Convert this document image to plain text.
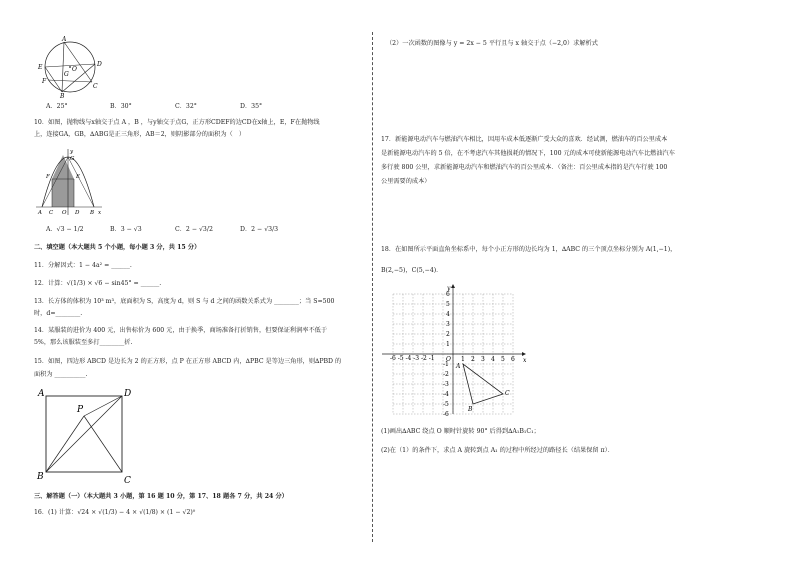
A
E
G
D
O
F
C
B
A．25°	B．30°	C．32°	D．35°
10．如图，抛物线与x轴交于点 A ，B ，与y轴交于点G，正方形CDEF的边CD在x轴上，E，F在抛物线
上，连接GA，GB，∆ABG是正三角形，AB＝2，则阴影部分的面积为（　）
y
G
F	E
A C O D B x
A．√3 − 1/2	B．3 − √3	C．2 − √3/2	D．2 − √3/3
二、填空题（本大题共 5 个小题，每小题 3 分，共 15 分）
11．分解因式：1 − 4a² = ______.
12．计算：√(1/3) × √6 − sin45° = ______.
13．长方体的体积为 10³ m³，底面积为 S，高度为 d，则 S 与 d 之间的函数关系式为 ________；当 S=500
时，d=________.
14．某服装的进价为 400 元，出售标价为 600 元，由于换季，商场准备打折销售，但要保证利润率不低于
5%，那么该服装至多打________折.
15．如图，四边形 ABCD 是边长为 2 的正方形，点 P 在正方形 ABCD 内，∆PBC 是等边三角形，则∆PBD 的
面积为 __________.
A
P
D
B	C
三、解答题（一）（本大题共 3 小题，第 16 题 10 分，第 17、18 题各 7 分，共 24 分）
16．(1) 计算：√24 × √(1/3) − 4 × √(1/8) × (1 − √2)⁰
（2）一次函数的图像与 y = 2x − 5 平行且与 x 轴交于点（−2,0）求解析式
17．新能源电动汽车与燃油汽车相比，因用车成本低逐渐广受大众的喜欢．经试测，燃油车的百公里成本
是新能源电动汽车的 5 倍，在不考虑汽车其他损耗的情况下，100 元的成本可使新能源电动汽车比燃油汽车
多行驶 800 公里，求新能源电动汽车和燃油汽车的百公里成本．（备注：百公里成本指的是汽车行驶 100
公里需要的成本）
18．在如图所示平面直角坐标系中，每个小正方形的边长均为 1，∆ABC 的三个顶点坐标分别为 A(1,−1)，
B(2,−5)，C(5,−4)．
y
x
O
-6 -5 -4 -3 -2 -1
6
5
4
3
2
1
-1
-2
-3
-4
-5
-6
1 2 3 4 5 6
A
B
C
(1)画出∆ABC 绕点 O 顺时针旋转 90° 后得到∆A₁B₁C₁；
(2)在（1）的条件下，求点 A 旋转到点 A₁ 的过程中所经过的路径长（结果保留 π）．
